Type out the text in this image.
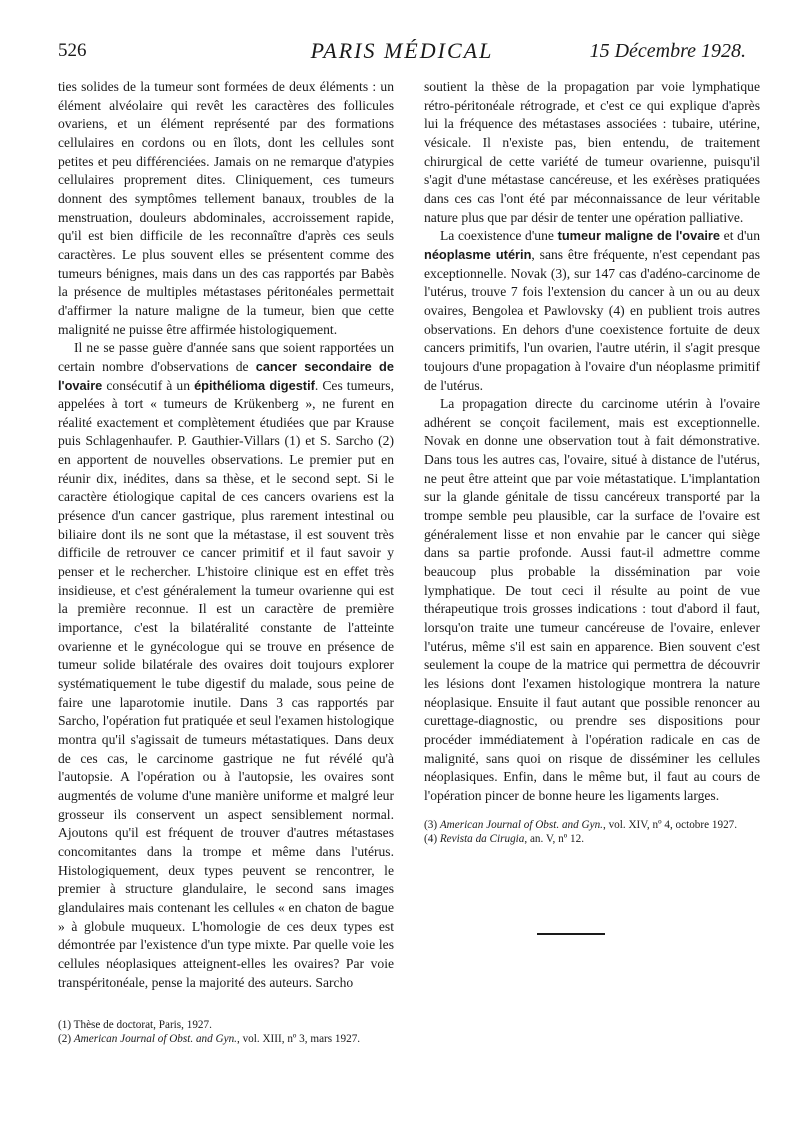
526	PARIS MÉDICAL	15 Décembre 1928.

ties solides de la tumeur sont formées de deux éléments : un élément alvéolaire qui revêt les caractères des follicules ovariens, et un élément représenté par des formations cellulaires en cordons ou en îlots, dont les cellules sont petites et peu différenciées. Jamais on ne remarque d'atypies cellulaires proprement dites. Cliniquement, ces tumeurs donnent des symptômes tellement banaux, troubles de la menstruation, douleurs abdominales, accroissement rapide, qu'il est bien difficile de les reconnaître d'après ces seuls caractères. Le plus souvent elles se présentent comme des tumeurs bénignes, mais dans un des cas rapportés par Babès la présence de multiples métastases péritonéales permettait d'affirmer la nature maligne de la tumeur, bien que cette malignité ne puisse être affirmée histologiquement.

Il ne se passe guère d'année sans que soient rapportées un certain nombre d'observations de cancer secondaire de l'ovaire consécutif à un épithélioma digestif. Ces tumeurs, appelées à tort « tumeurs de Krükenberg », ne furent en réalité exactement et complètement étudiées que par Krause puis Schlagenhaufer. P. Gauthier-Villars (1) et S. Sarcho (2) en apportent de nouvelles observations. Le premier put en réunir dix, inédites, dans sa thèse, et le second sept. Si le caractère étiologique capital de ces cancers ovariens est la présence d'un cancer gastrique, plus rarement intestinal ou biliaire dont ils ne sont que la métastase, il est souvent très difficile de retrouver ce cancer primitif et il faut savoir y penser et le rechercher. L'histoire clinique est en effet très insidieuse, et c'est généralement la tumeur ovarienne qui est la première reconnue. Il est un caractère de première importance, c'est la bilatéralité constante de l'atteinte ovarienne et le gynécologue qui se trouve en présence de tumeur solide bilatérale des ovaires doit toujours explorer systématiquement le tube digestif du malade, sous peine de faire une laparotomie inutile. Dans 3 cas rapportés par Sarcho, l'opération fut pratiquée et seul l'examen histologique montra qu'il s'agissait de tumeurs métastatiques. Dans deux de ces cas, le carcinome gastrique ne fut révélé qu'à l'autopsie. A l'opération ou à l'autopsie, les ovaires sont augmentés de volume d'une manière uniforme et malgré leur grosseur ils conservent un aspect sensiblement normal. Ajoutons qu'il est fréquent de trouver d'autres métastases concomitantes dans la trompe et même dans l'utérus. Histologiquement, deux types peuvent se rencontrer, le premier à structure glandulaire, le second sans images glandulaires mais contenant les cellules « en chaton de bague » à globule muqueux. L'homologie de ces deux types est démontrée par l'existence d'un type mixte. Par quelle voie les cellules néoplasiques atteignent-elles les ovaires? Par voie transpéritonéale, pense la majorité des auteurs. Sarcho

soutient la thèse de la propagation par voie lymphatique rétro-péritonéale rétrograde, et c'est ce qui explique d'après lui la fréquence des métastases associées : tubaire, utérine, vésicale. Il n'existe pas, bien entendu, de traitement chirurgical de cette variété de tumeur ovarienne, puisqu'il s'agit d'une métastase cancéreuse, et les exérèses pratiquées dans ces cas l'ont été par méconnaissance de leur véritable nature plus que par désir de tenter une opération palliative.

La coexistence d'une tumeur maligne de l'ovaire et d'un néoplasme utérin, sans être fréquente, n'est cependant pas exceptionnelle. Novak (3), sur 147 cas d'adéno-carcinome de l'utérus, trouve 7 fois l'extension du cancer à un ou au deux ovaires, Bengolea et Pawlovsky (4) en publient trois autres observations. En dehors d'une coexistence fortuite de deux cancers primitifs, l'un ovarien, l'autre utérin, il s'agit presque toujours d'une propagation à l'ovaire d'un néoplasme primitif de l'utérus.

La propagation directe du carcinome utérin à l'ovaire adhérent se conçoit facilement, mais est exceptionnelle. Novak en donne une observation tout à fait démonstrative. Dans tous les autres cas, l'ovaire, situé à distance de l'utérus, ne peut être atteint que par voie métastatique. L'implantation sur la glande génitale de tissu cancéreux transporté par la trompe semble peu plausible, car la surface de l'ovaire est généralement lisse et non envahie par le cancer qui siège dans sa partie profonde. Aussi faut-il admettre comme beaucoup plus probable la dissémination par voie lymphatique. De tout ceci il résulte au point de vue thérapeutique trois grosses indications : tout d'abord il faut, lorsqu'on traite une tumeur cancéreuse de l'ovaire, enlever l'utérus, même s'il est sain en apparence. Bien souvent c'est seulement la coupe de la matrice qui permettra de découvrir les lésions dont l'examen histologique montrera la nature néoplasique. Ensuite il faut autant que possible renoncer au curettage-diagnostic, ou prendre ses dispositions pour procéder immédiatement à l'opération radicale en cas de malignité, sans quoi on risque de disséminer les cellules néoplasiques. Enfin, dans le même but, il faut au cours de l'opération pincer de bonne heure les ligaments larges.

(3) American Journal of Obst. and Gyn., vol. XIV, nº 4, octobre 1927.

(4) Revista da Cirugia, an. V, nº 12.

(1) Thèse de doctorat, Paris, 1927.

(2) American Journal of Obst. and Gyn., vol. XIII, nº 3, mars 1927.
